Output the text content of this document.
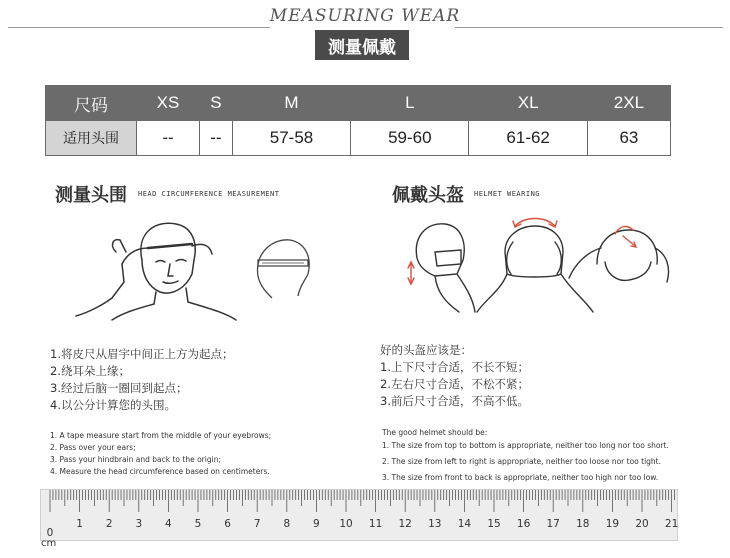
MEASURING WEAR
测量佩戴
尺码	XS	S	M	L	XL	2XL
适用头围	--	--	57-58	59-60	61-62	63
测量头围 HEAD CIRCUMFERENCE MEASUREMENT
1.将皮尺从眉宇中间正上方为起点；
2.绕耳朵上缘；
3.经过后脑一圈回到起点；
4.以公分计算您的头围。
1. A tape measure start from the middle of your eyebrows;
2. Pass over your ears;
3. Pass your hindbrain and back to the origin;
4. Measure the head circumference based on centimeters.
佩戴头盔 HELMET WEARING
好的头盔应该是：
1.上下尺寸合适，不长不短；
2.左右尺寸合适，不松不紧；
3.前后尺寸合适，不高不低。
The good helmet should be:
1. The size from top to bottom is appropriate, neither too long nor too short.
2. The size from left to right is appropriate, neither too loose nor too tight.
3. The size from front to back is appropriate, neither too high nor too low.
0
1 2 3 4 5 6 7 8 9 10 11 12 13 14 15 16 17 18 19 20 21
cm
